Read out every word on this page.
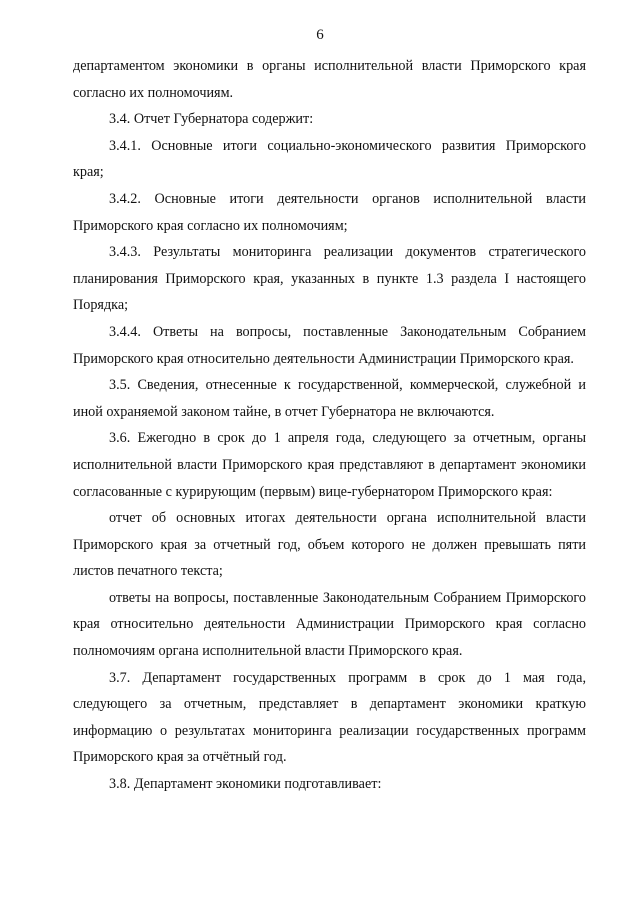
6

департаментом экономики в органы исполнительной власти Приморского края согласно их полномочиям.

3.4. Отчет Губернатора содержит:

3.4.1. Основные итоги социально-экономического развития Приморского края;

3.4.2. Основные итоги деятельности органов исполнительной власти Приморского края согласно их полномочиям;

3.4.3. Результаты мониторинга реализации документов стратегического планирования Приморского края, указанных в пункте 1.3 раздела I настоящего Порядка;

3.4.4. Ответы на вопросы, поставленные Законодательным Собранием Приморского края относительно деятельности Администрации Приморского края.

3.5. Сведения, отнесенные к государственной, коммерческой, служебной и иной охраняемой законом тайне, в отчет Губернатора не включаются.

3.6. Ежегодно в срок до 1 апреля года, следующего за отчетным, органы исполнительной власти Приморского края представляют в департамент экономики согласованные с курирующим (первым) вице-губернатором Приморского края:

отчет об основных итогах деятельности органа исполнительной власти Приморского края за отчетный год, объем которого не должен превышать пяти листов печатного текста;

ответы на вопросы, поставленные Законодательным Собранием Приморского края относительно деятельности Администрации Приморского края согласно полномочиям органа исполнительной власти Приморского края.

3.7. Департамент государственных программ в срок до 1 мая года, следующего за отчетным, представляет в департамент экономики краткую информацию о результатах мониторинга реализации государственных программ Приморского края за отчётный год.

3.8. Департамент экономики подготавливает:
